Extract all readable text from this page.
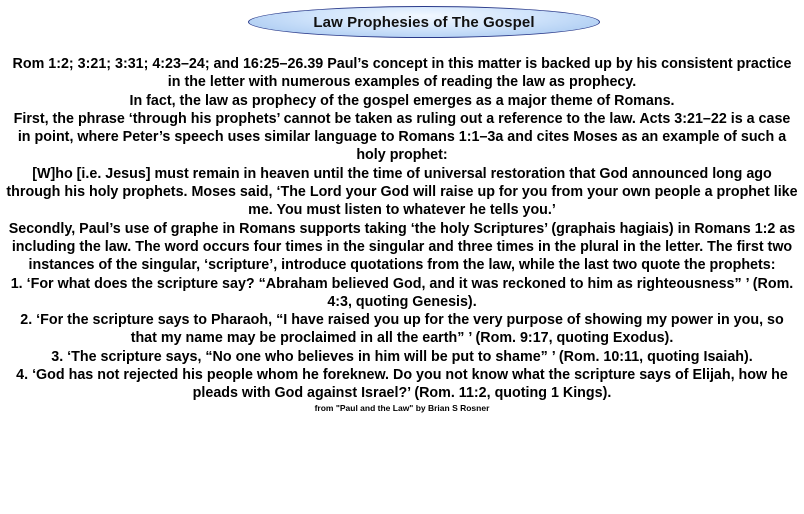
Law Prophesies of The Gospel

Rom 1:2; 3:21; 3:31; 4:23–24; and 16:25–26.39 Paul’s concept in this matter is backed up by his consistent practice in the letter with numerous examples of reading the law as prophecy.

In fact, the law as prophecy of the gospel emerges as a major theme of Romans.

First, the phrase ‘through his prophets’ cannot be taken as ruling out a reference to the law. Acts 3:21–22 is a case in point, where Peter’s speech uses similar language to Romans 1:1–3a and cites Moses as an example of such a holy prophet:

[W]ho [i.e. Jesus] must remain in heaven until the time of universal restoration that God announced long ago through his holy prophets. Moses said, ‘The Lord your God will raise up for you from your own people a prophet like me. You must listen to whatever he tells you.’

Secondly, Paul’s use of graphe in Romans supports taking ‘the holy Scriptures’ (graphais hagiais) in Romans 1:2 as including the law. The word occurs four times in the singular and three times in the plural in the letter. The first two instances of the singular, ‘scripture’, introduce quotations from the law, while the last two quote the prophets:

1. ‘For what does the scripture say? “Abraham believed God, and it was reckoned to him as righteousness” ’ (Rom. 4:3, quoting Genesis).

2. ‘For the scripture says to Pharaoh, “I have raised you up for the very purpose of showing my power in you, so that my name may be proclaimed in all the earth” ’ (Rom. 9:17, quoting Exodus).

3. ‘The scripture says, “No one who believes in him will be put to shame” ’ (Rom. 10:11, quoting Isaiah).

4. ‘God has not rejected his people whom he foreknew. Do you not know what the scripture says of Elijah, how he pleads with God against Israel?’ (Rom. 11:2, quoting 1 Kings).

from "Paul and the Law" by Brian S Rosner
